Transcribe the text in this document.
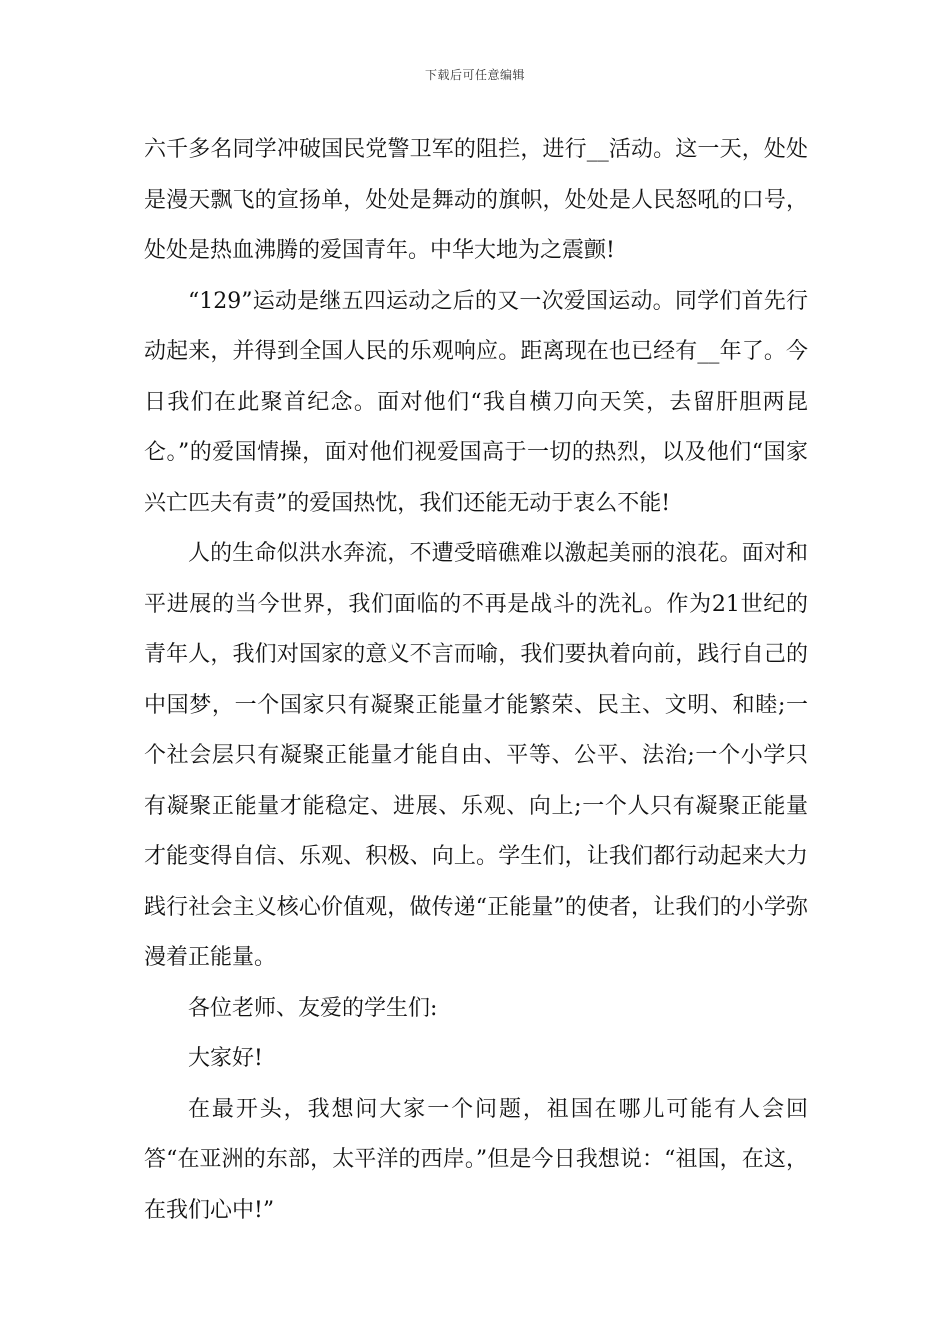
下载后可任意编辑

六千多名同学冲破国民党警卫军的阻拦，进行__活动。这一天，处处是漫天飘飞的宣扬单，处处是舞动的旗帜，处处是人民怒吼的口号，处处是热血沸腾的爱国青年。中华大地为之震颤!

“129”运动是继五四运动之后的又一次爱国运动。同学们首先行动起来，并得到全国人民的乐观响应。距离现在也已经有__年了。今日我们在此聚首纪念。面对他们“我自横刀向天笑，去留肝胆两昆仑。”的爱国情操，面对他们视爱国高于一切的热烈，以及他们“国家兴亡匹夫有责”的爱国热忱，我们还能无动于衷么不能!

人的生命似洪水奔流，不遭受暗礁难以激起美丽的浪花。面对和平进展的当今世界，我们面临的不再是战斗的洗礼。作为21世纪的青年人，我们对国家的意义不言而喻，我们要执着向前，践行自己的中国梦，一个国家只有凝聚正能量才能繁荣、民主、文明、和睦;一个社会层只有凝聚正能量才能自由、平等、公平、法治;一个小学只有凝聚正能量才能稳定、进展、乐观、向上;一个人只有凝聚正能量才能变得自信、乐观、积极、向上。学生们，让我们都行动起来大力践行社会主义核心价值观，做传递“正能量”的使者，让我们的小学弥漫着正能量。

各位老师、友爱的学生们:

大家好!

在最开头，我想问大家一个问题，祖国在哪儿可能有人会回答“在亚洲的东部，太平洋的西岸。”但是今日我想说：“祖国，在这，在我们心中!”
